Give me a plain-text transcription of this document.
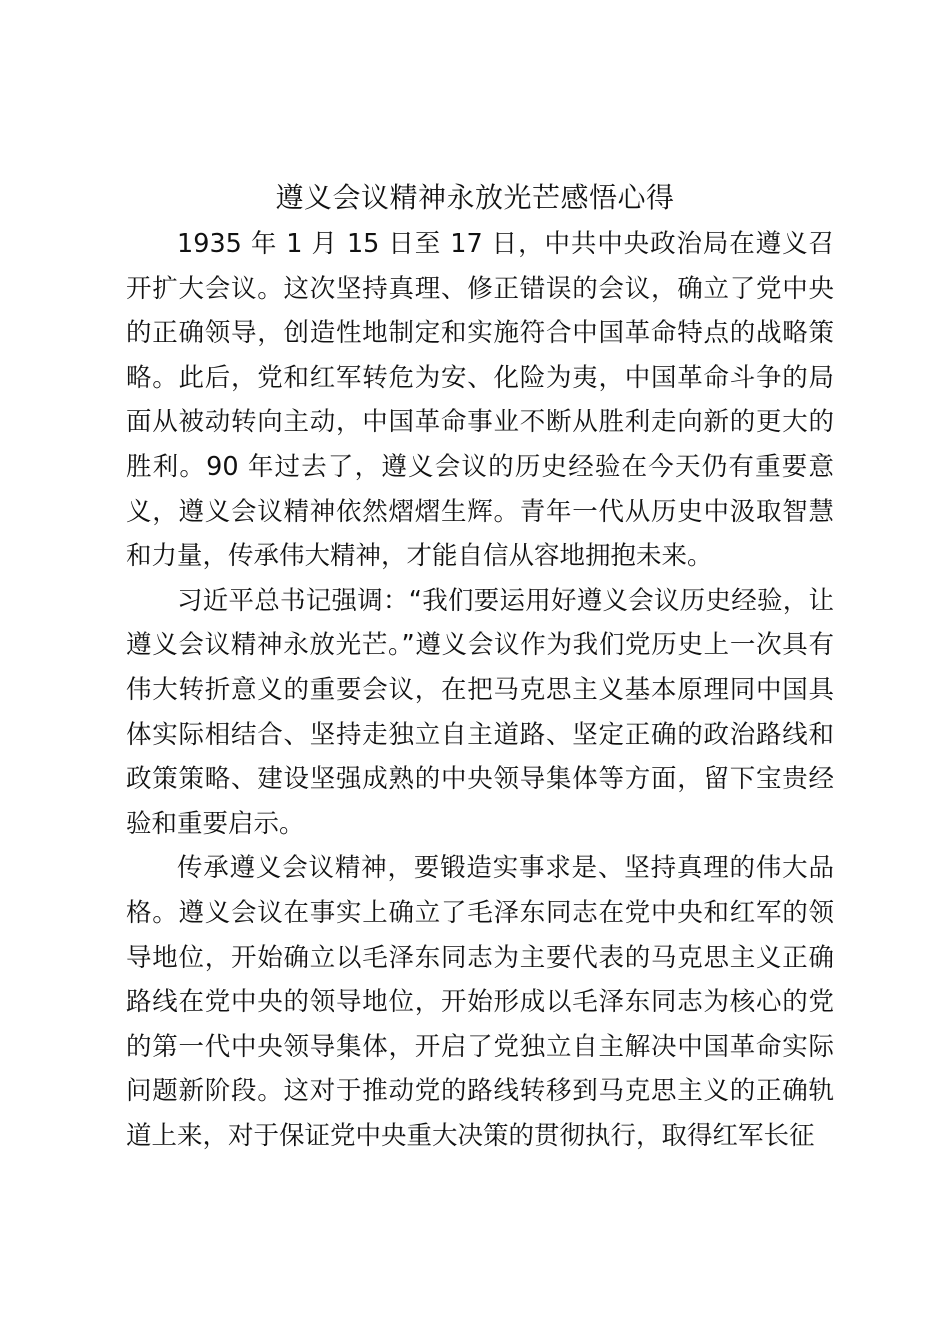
遵义会议精神永放光芒感悟心得

1935 年 1 月 15 日至 17 日，中共中央政治局在遵义召开扩大会议。这次坚持真理、修正错误的会议，确立了党中央的正确领导，创造性地制定和实施符合中国革命特点的战略策略。此后，党和红军转危为安、化险为夷，中国革命斗争的局面从被动转向主动，中国革命事业不断从胜利走向新的更大的胜利。90 年过去了，遵义会议的历史经验在今天仍有重要意义，遵义会议精神依然熠熠生辉。青年一代从历史中汲取智慧和力量，传承伟大精神，才能自信从容地拥抱未来。

习近平总书记强调：“我们要运用好遵义会议历史经验，让遵义会议精神永放光芒。”遵义会议作为我们党历史上一次具有伟大转折意义的重要会议，在把马克思主义基本原理同中国具体实际相结合、坚持走独立自主道路、坚定正确的政治路线和政策策略、建设坚强成熟的中央领导集体等方面，留下宝贵经验和重要启示。

传承遵义会议精神，要锻造实事求是、坚持真理的伟大品格。遵义会议在事实上确立了毛泽东同志在党中央和红军的领导地位，开始确立以毛泽东同志为主要代表的马克思主义正确路线在党中央的领导地位，开始形成以毛泽东同志为核心的党的第一代中央领导集体，开启了党独立自主解决中国革命实际问题新阶段。这对于推动党的路线转移到马克思主义的正确轨道上来，对于保证党中央重大决策的贯彻执行，取得红军长征
